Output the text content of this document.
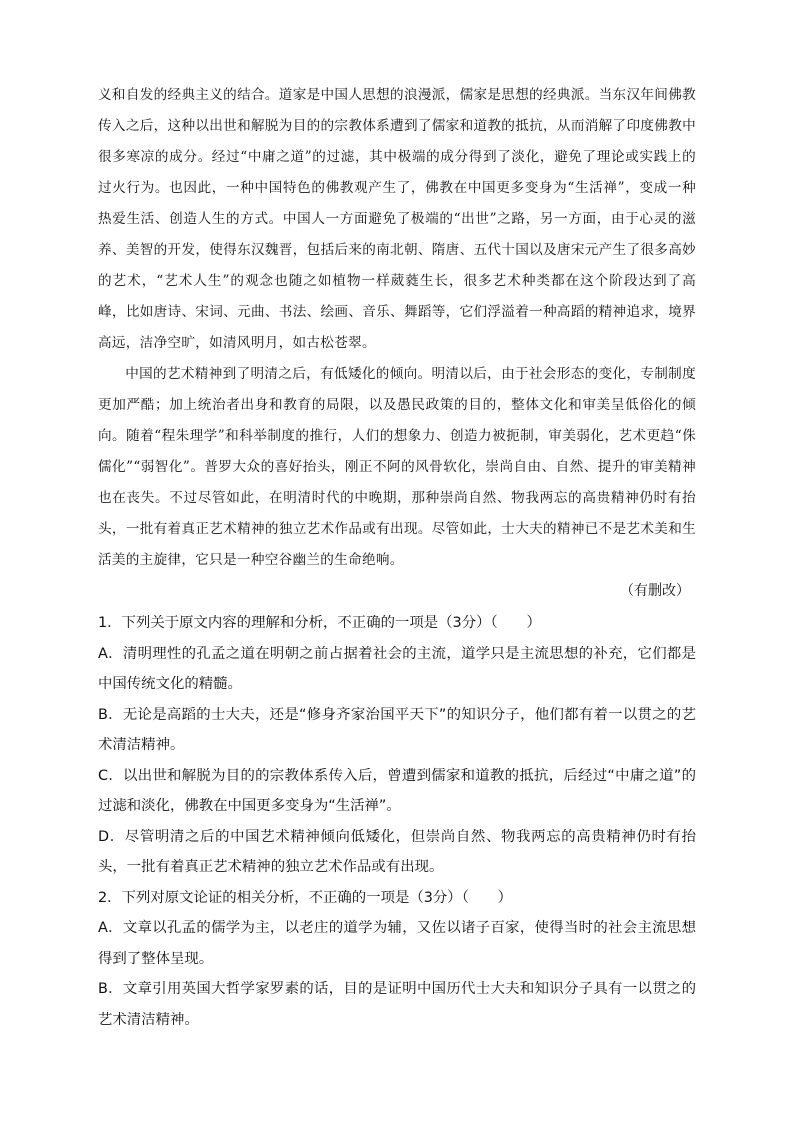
义和自发的经典主义的结合。道家是中国人思想的浪漫派，儒家是思想的经典派。当东汉年间佛教传入之后，这种以出世和解脱为目的的宗教体系遭到了儒家和道教的抵抗，从而消解了印度佛教中很多寒凉的成分。经过“中庸之道”的过滤，其中极端的成分得到了淡化，避免了理论或实践上的过火行为。也因此，一种中国特色的佛教观产生了，佛教在中国更多变身为“生活禅”，变成一种热爱生活、创造人生的方式。中国人一方面避免了极端的“出世”之路，另一方面，由于心灵的滋养、美智的开发，使得东汉魏晋，包括后来的南北朝、隋唐、五代十国以及唐宋元产生了很多高妙的艺术，“艺术人生”的观念也随之如植物一样葳蕤生长，很多艺术种类都在这个阶段达到了高峰，比如唐诗、宋词、元曲、书法、绘画、音乐、舞蹈等，它们浮溢着一种高蹈的精神追求，境界高远，洁净空旷，如清风明月，如古松苍翠。

中国的艺术精神到了明清之后，有低矮化的倾向。明清以后，由于社会形态的变化，专制制度更加严酷；加上统治者出身和教育的局限，以及愚民政策的目的，整体文化和审美呈低俗化的倾向。随着“程朱理学”和科举制度的推行，人们的想象力、创造力被扼制，审美弱化，艺术更趋“侏儒化”“弱智化”。普罗大众的喜好抬头，刚正不阿的风骨软化，崇尚自由、自然、提升的审美精神也在丧失。不过尽管如此，在明清时代的中晚期，那种崇尚自然、物我两忘的高贵精神仍时有抬头，一批有着真正艺术精神的独立艺术作品或有出现。尽管如此，士大夫的精神已不是艺术美和生活美的主旋律，它只是一种空谷幽兰的生命绝响。

（有删改）

1．下列关于原文内容的理解和分析，不正确的一项是（3分）（　　）

A．清明理性的孔孟之道在明朝之前占据着社会的主流，道学只是主流思想的补充，它们都是中国传统文化的精髓。

B．无论是高蹈的士大夫，还是“修身齐家治国平天下”的知识分子，他们都有着一以贯之的艺术清洁精神。

C．以出世和解脱为目的的宗教体系传入后，曾遭到儒家和道教的抵抗，后经过“中庸之道”的过滤和淡化，佛教在中国更多变身为“生活禅”。

D．尽管明清之后的中国艺术精神倾向低矮化，但崇尚自然、物我两忘的高贵精神仍时有抬头，一批有着真正艺术精神的独立艺术作品或有出现。

2．下列对原文论证的相关分析，不正确的一项是（3分）（　　）

A．文章以孔孟的儒学为主，以老庄的道学为辅，又佐以诸子百家，使得当时的社会主流思想得到了整体呈现。

B．文章引用英国大哲学家罗素的话，目的是证明中国历代士大夫和知识分子具有一以贯之的艺术清洁精神。
